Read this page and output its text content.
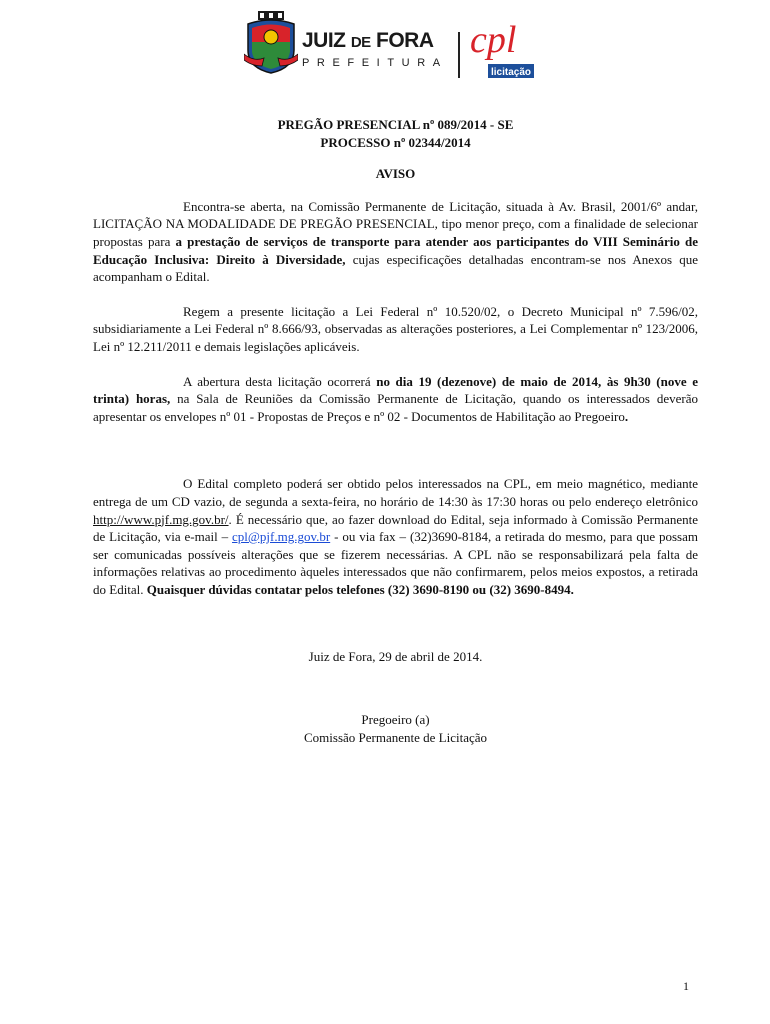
JUIZ DE FORA
PREFEITURA
cpl
licitação
PREGÃO PRESENCIAL nº 089/2014 - SE
PROCESSO nº 02344/2014
AVISO

Encontra-se aberta, na Comissão Permanente de Licitação, situada à Av. Brasil, 2001/6º andar, LICITAÇÃO NA MODALIDADE DE PREGÃO PRESENCIAL, tipo menor preço, com a finalidade de selecionar propostas para a prestação de serviços de transporte para atender aos participantes do VIII Seminário de Educação Inclusiva: Direito à Diversidade, cujas especificações detalhadas encontram-se nos Anexos que acompanham o Edital.

Regem a presente licitação a Lei Federal nº 10.520/02, o Decreto Municipal nº 7.596/02, subsidiariamente a Lei Federal nº 8.666/93, observadas as alterações posteriores, a Lei Complementar nº 123/2006, Lei nº 12.211/2011 e demais legislações aplicáveis.

A abertura desta licitação ocorrerá no dia 19 (dezenove) de maio de 2014, às 9h30 (nove e trinta) horas, na Sala de Reuniões da Comissão Permanente de Licitação, quando os interessados deverão apresentar os envelopes nº 01 - Propostas de Preços e nº 02 - Documentos de Habilitação ao Pregoeiro.

O Edital completo poderá ser obtido pelos interessados na CPL, em meio magnético, mediante entrega de um CD vazio, de segunda a sexta-feira, no horário de 14:30 às 17:30 horas ou pelo endereço eletrônico http://www.pjf.mg.gov.br/. É necessário que, ao fazer download do Edital, seja informado à Comissão Permanente de Licitação, via e-mail – cpl@pjf.mg.gov.br - ou via fax – (32)3690-8184, a retirada do mesmo, para que possam ser comunicadas possíveis alterações que se fizerem necessárias. A CPL não se responsabilizará pela falta de informações relativas ao procedimento àqueles interessados que não confirmarem, pelos meios expostos, a retirada do Edital. Quaisquer dúvidas contatar pelos telefones (32) 3690-8190 ou (32) 3690-8494.

Juiz de Fora, 29 de abril de 2014.
Pregoeiro (a)
Comissão Permanente de Licitação
1
